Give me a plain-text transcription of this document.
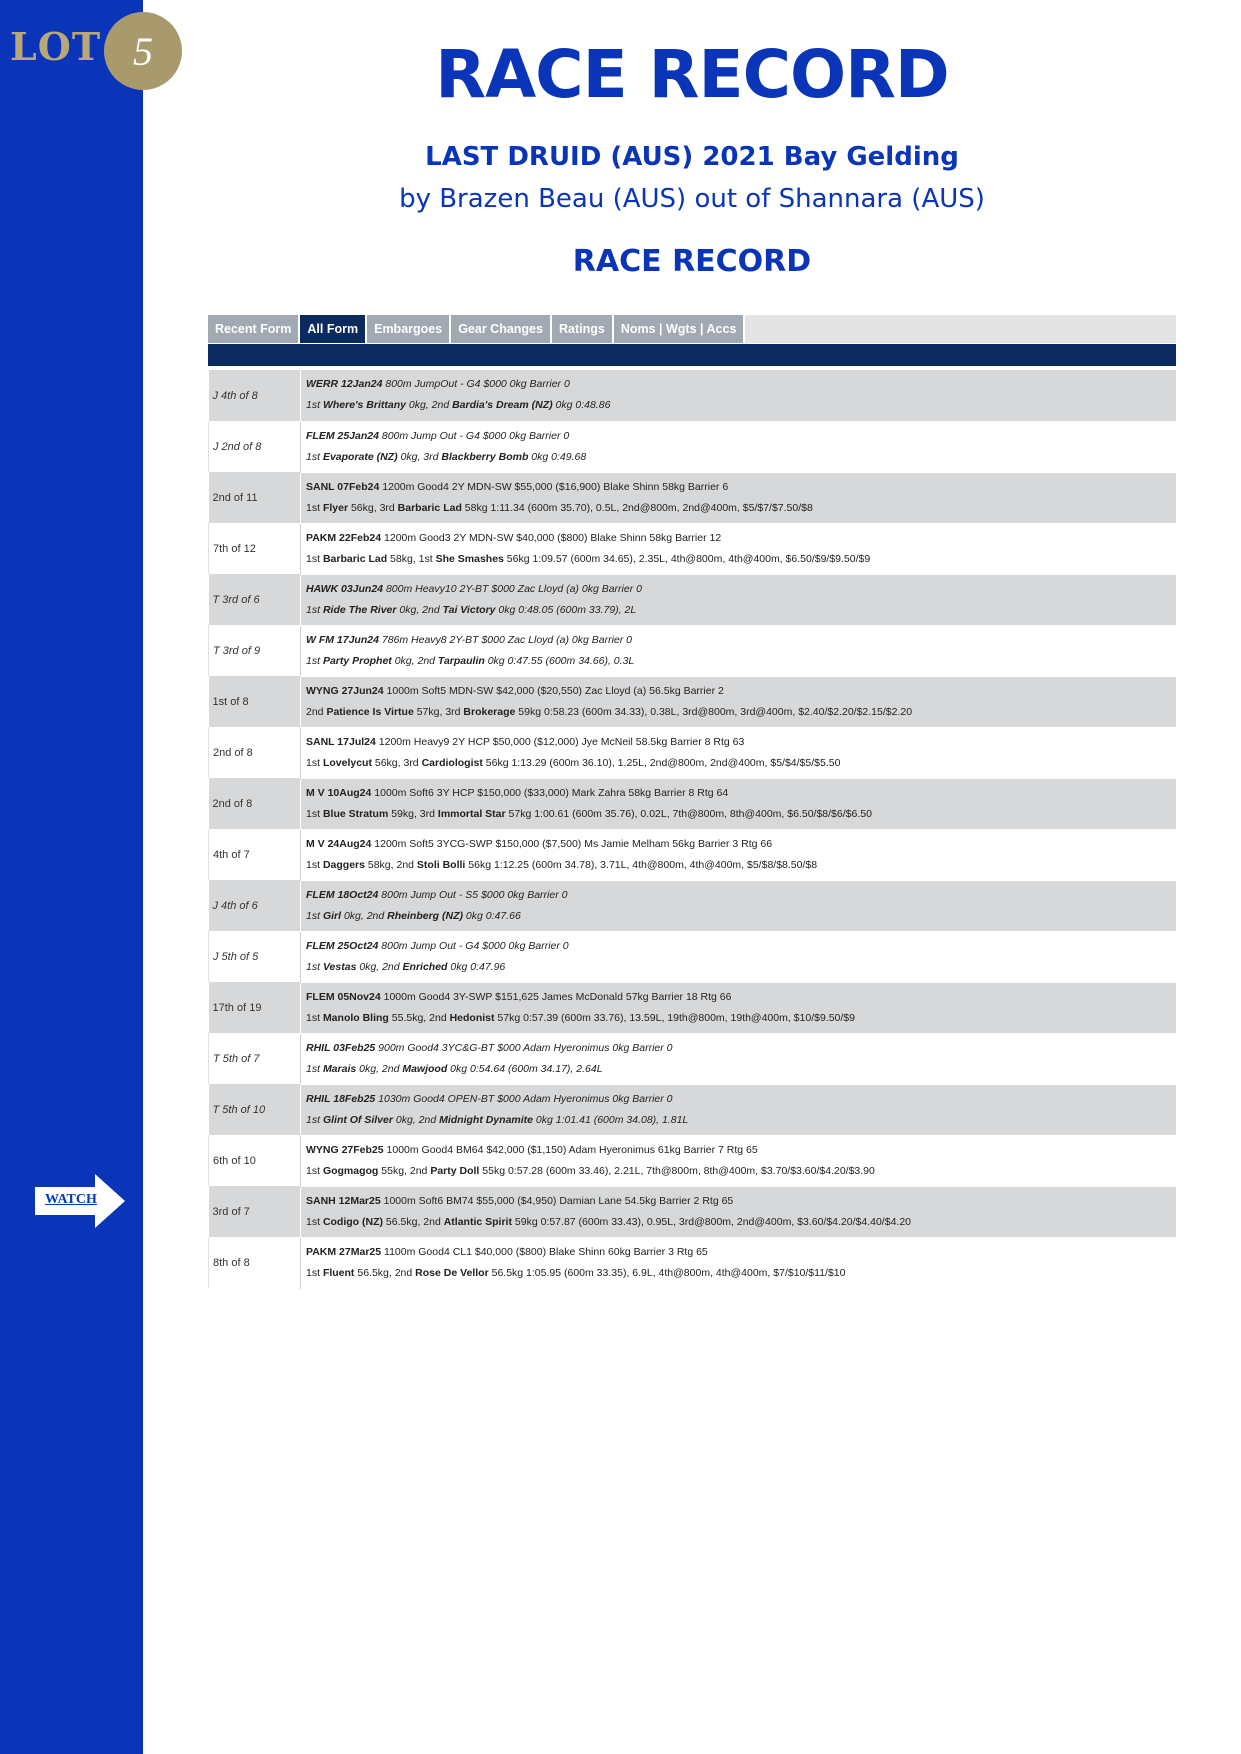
LOT 5
WATCH
RACE RECORD
LAST DRUID (AUS) 2021 Bay Gelding
by Brazen Beau (AUS) out of Shannara (AUS)
RACE RECORD
Recent Form	All Form	Embargoes	Gear Changes	Ratings	Noms | Wgts | Accs

J 4th of 8	WERR 12Jan24 800m JumpOut - G4 $000 0kg Barrier 0
1st Where's Brittany 0kg, 2nd Bardia's Dream (NZ) 0kg 0:48.86

J 2nd of 8	FLEM 25Jan24 800m Jump Out - G4 $000 0kg Barrier 0
1st Evaporate (NZ) 0kg, 3rd Blackberry Bomb 0kg 0:49.68

2nd of 11	SANL 07Feb24 1200m Good4 2Y MDN-SW $55,000 ($16,900) Blake Shinn 58kg Barrier 6
1st Flyer 56kg, 3rd Barbaric Lad 58kg 1:11.34 (600m 35.70), 0.5L, 2nd@800m, 2nd@400m, $5/$7/$7.50/$8

7th of 12	PAKM 22Feb24 1200m Good3 2Y MDN-SW $40,000 ($800) Blake Shinn 58kg Barrier 12
1st Barbaric Lad 58kg, 1st She Smashes 56kg 1:09.57 (600m 34.65), 2.35L, 4th@800m, 4th@400m, $6.50/$9/$9.50/$9

T 3rd of 6	HAWK 03Jun24 800m Heavy10 2Y-BT $000 Zac Lloyd (a) 0kg Barrier 0
1st Ride The River 0kg, 2nd Tai Victory 0kg 0:48.05 (600m 33.79), 2L

T 3rd of 9	W FM 17Jun24 786m Heavy8 2Y-BT $000 Zac Lloyd (a) 0kg Barrier 0
1st Party Prophet 0kg, 2nd Tarpaulin 0kg 0:47.55 (600m 34.66), 0.3L

1st of 8	WYNG 27Jun24 1000m Soft5 MDN-SW $42,000 ($20,550) Zac Lloyd (a) 56.5kg Barrier 2
2nd Patience Is Virtue 57kg, 3rd Brokerage 59kg 0:58.23 (600m 34.33), 0.38L, 3rd@800m, 3rd@400m, $2.40/$2.20/$2.15/$2.20

2nd of 8	SANL 17Jul24 1200m Heavy9 2Y HCP $50,000 ($12,000) Jye McNeil 58.5kg Barrier 8 Rtg 63
1st Lovelycut 56kg, 3rd Cardiologist 56kg 1:13.29 (600m 36.10), 1.25L, 2nd@800m, 2nd@400m, $5/$4/$5/$5.50

2nd of 8	M V 10Aug24 1000m Soft6 3Y HCP $150,000 ($33,000) Mark Zahra 58kg Barrier 8 Rtg 64
1st Blue Stratum 59kg, 3rd Immortal Star 57kg 1:00.61 (600m 35.76), 0.02L, 7th@800m, 8th@400m, $6.50/$8/$6/$6.50

4th of 7	M V 24Aug24 1200m Soft5 3YCG-SWP $150,000 ($7,500) Ms Jamie Melham 56kg Barrier 3 Rtg 66
1st Daggers 58kg, 2nd Stoli Bolli 56kg 1:12.25 (600m 34.78), 3.71L, 4th@800m, 4th@400m, $5/$8/$8.50/$8

J 4th of 6	FLEM 18Oct24 800m Jump Out - S5 $000 0kg Barrier 0
1st Girl 0kg, 2nd Rheinberg (NZ) 0kg 0:47.66

J 5th of 5	FLEM 25Oct24 800m Jump Out - G4 $000 0kg Barrier 0
1st Vestas 0kg, 2nd Enriched 0kg 0:47.96

17th of 19	FLEM 05Nov24 1000m Good4 3Y-SWP $151,625 James McDonald 57kg Barrier 18 Rtg 66
1st Manolo Bling 55.5kg, 2nd Hedonist 57kg 0:57.39 (600m 33.76), 13.59L, 19th@800m, 19th@400m, $10/$9.50/$9

T 5th of 7	RHIL 03Feb25 900m Good4 3YC&G-BT $000 Adam Hyeronimus 0kg Barrier 0
1st Marais 0kg, 2nd Mawjood 0kg 0:54.64 (600m 34.17), 2.64L

T 5th of 10	RHIL 18Feb25 1030m Good4 OPEN-BT $000 Adam Hyeronimus 0kg Barrier 0
1st Glint Of Silver 0kg, 2nd Midnight Dynamite 0kg 1:01.41 (600m 34.08), 1.81L

6th of 10	WYNG 27Feb25 1000m Good4 BM64 $42,000 ($1,150) Adam Hyeronimus 61kg Barrier 7 Rtg 65
1st Gogmagog 55kg, 2nd Party Doll 55kg 0:57.28 (600m 33.46), 2.21L, 7th@800m, 8th@400m, $3.70/$3.60/$4.20/$3.90

3rd of 7	SANH 12Mar25 1000m Soft6 BM74 $55,000 ($4,950) Damian Lane 54.5kg Barrier 2 Rtg 65
1st Codigo (NZ) 56.5kg, 2nd Atlantic Spirit 59kg 0:57.87 (600m 33.43), 0.95L, 3rd@800m, 2nd@400m, $3.60/$4.20/$4.40/$4.20

8th of 8	PAKM 27Mar25 1100m Good4 CL1 $40,000 ($800) Blake Shinn 60kg Barrier 3 Rtg 65
1st Fluent 56.5kg, 2nd Rose De Vellor 56.5kg 1:05.95 (600m 33.35), 6.9L, 4th@800m, 4th@400m, $7/$10/$11/$10
